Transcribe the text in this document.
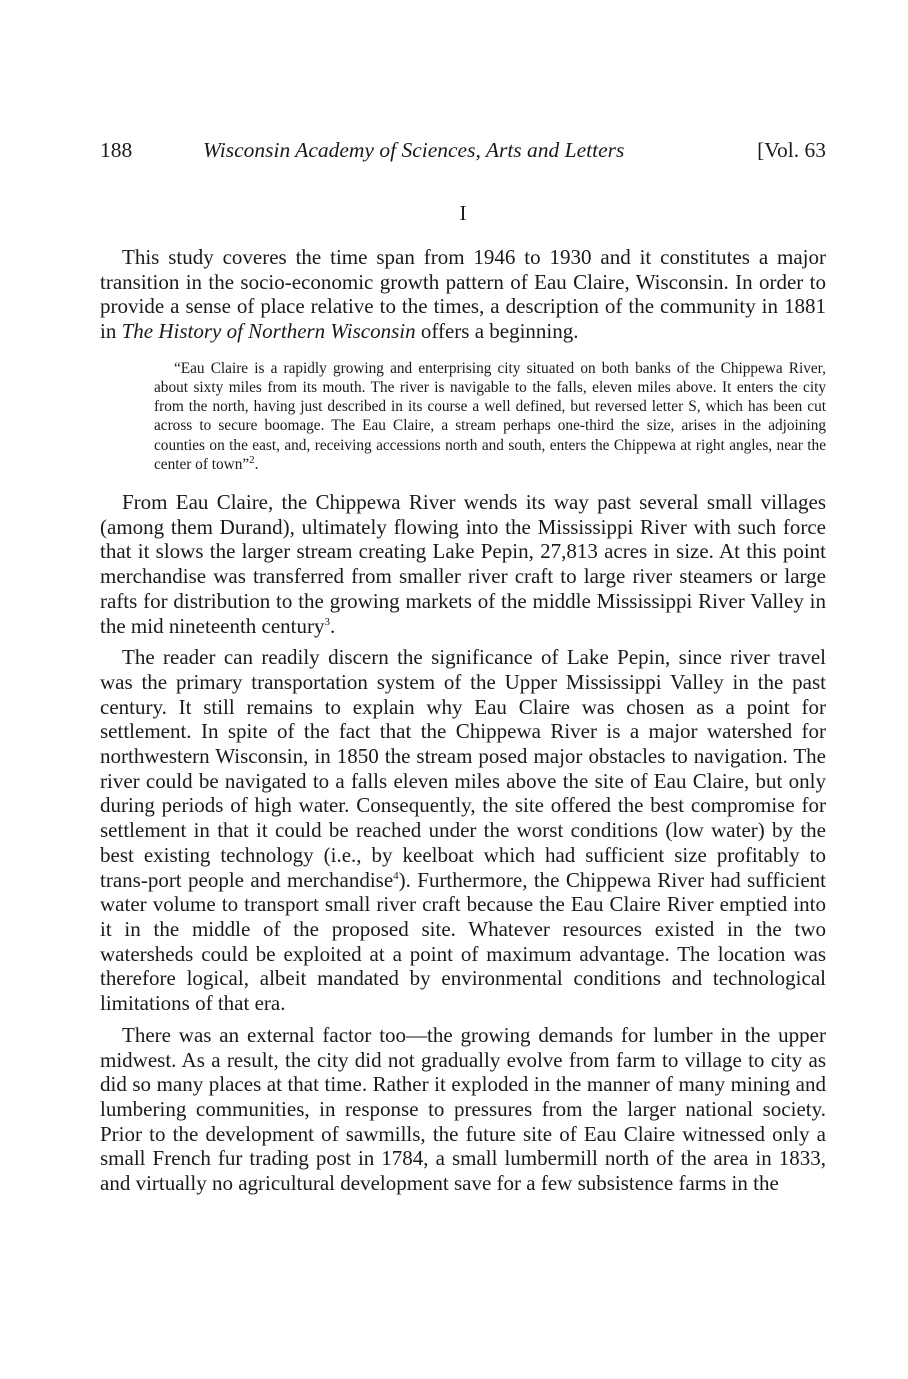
188	Wisconsin Academy of Sciences, Arts and Letters	[Vol. 63
I

This study coveres the time span from 1946 to 1930 and it constitutes a major transition in the socio-economic growth pattern of Eau Claire, Wisconsin. In order to provide a sense of place relative to the times, a description of the community in 1881 in The History of Northern Wisconsin offers a beginning.

“Eau Claire is a rapidly growing and enterprising city situated on both banks of the Chippewa River, about sixty miles from its mouth. The river is navigable to the falls, eleven miles above. It enters the city from the north, having just described in its course a well defined, but reversed letter S, which has been cut across to secure boomage. The Eau Claire, a stream perhaps one-third the size, arises in the adjoining counties on the east, and, receiving accessions north and south, enters the Chippewa at right angles, near the center of town”$^2$.

From Eau Claire, the Chippewa River wends its way past several small villages (among them Durand), ultimately flowing into the Mississippi River with such force that it slows the larger stream creating Lake Pepin, 27,813 acres in size. At this point merchandise was transferred from smaller river craft to large river steamers or large rafts for distribution to the growing markets of the middle Mississippi River Valley in the mid nineteenth century$^3$.

The reader can readily discern the significance of Lake Pepin, since river travel was the primary transportation system of the Upper Mississippi Valley in the past century. It still remains to explain why Eau Claire was chosen as a point for settlement. In spite of the fact that the Chippewa River is a major watershed for northwestern Wisconsin, in 1850 the stream posed major obstacles to navigation. The river could be navigated to a falls eleven miles above the site of Eau Claire, but only during periods of high water. Consequently, the site offered the best compromise for settlement in that it could be reached under the worst conditions (low water) by the best existing technology (i.e., by keelboat which had sufficient size profitably to trans-port people and merchandise$^4$). Furthermore, the Chippewa River had sufficient water volume to transport small river craft because the Eau Claire River emptied into it in the middle of the proposed site. Whatever resources existed in the two watersheds could be exploited at a point of maximum advantage. The location was therefore logical, albeit mandated by environmental conditions and technological limitations of that era.

There was an external factor too—the growing demands for lumber in the upper midwest. As a result, the city did not gradually evolve from farm to village to city as did so many places at that time. Rather it exploded in the manner of many mining and lumbering communities, in response to pressures from the larger national society. Prior to the development of sawmills, the future site of Eau Claire witnessed only a small French fur trading post in 1784, a small lumbermill north of the area in 1833, and virtually no agricultural development save for a few subsistence farms in the
